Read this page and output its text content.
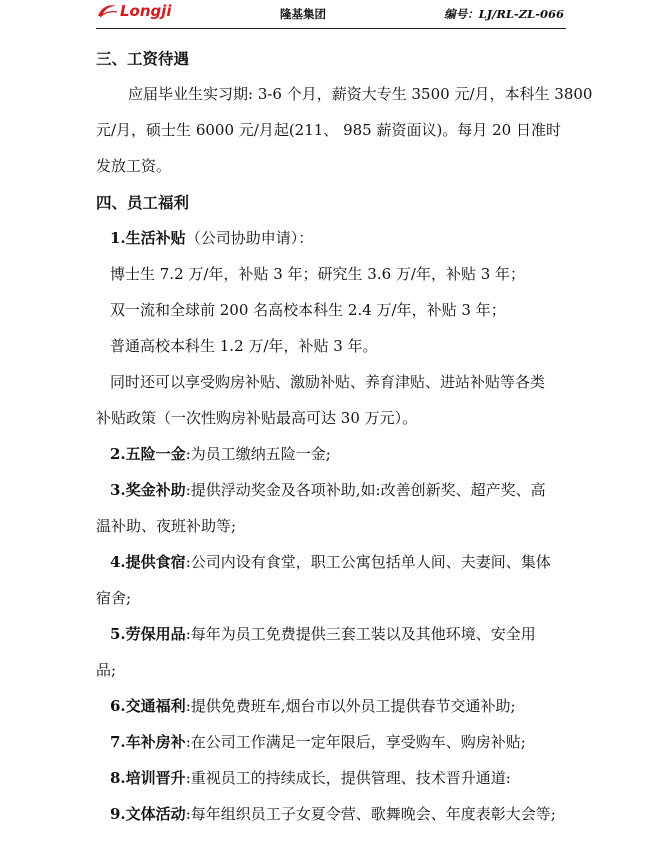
Longji	隆基集团	编号：LJ/RL-ZL-066
三、工资待遇
应届毕业生实习期: 3-6 个月，薪资大专生 3500 元/月，本科生 3800
元/月，硕士生 6000 元/月起(211、 985 薪资面议)。每月 20 日准时
发放工资。
四、员工福利
1.生活补贴（公司协助申请）：
博士生 7.2 万/年，补贴 3 年；研究生 3.6 万/年，补贴 3 年；
双一流和全球前 200 名高校本科生 2.4 万/年，补贴 3 年；
普通高校本科生 1.2 万/年，补贴 3 年。
同时还可以享受购房补贴、激励补贴、养育津贴、进站补贴等各类
补贴政策（一次性购房补贴最高可达 30 万元）。
2.五险一金:为员工缴纳五险一金;
3.奖金补助:提供浮动奖金及各项补助,如:改善创新奖、超产奖、高
温补助、夜班补助等;
4.提供食宿:公司内设有食堂，职工公寓包括单人间、夫妻间、集体
宿舍;
5.劳保用品:每年为员工免费提供三套工装以及其他环境、安全用
品;
6.交通福利:提供免费班车,烟台市以外员工提供春节交通补助;
7.车补房补:在公司工作满足一定年限后，享受购车、购房补贴;
8.培训晋升:重视员工的持续成长，提供管理、技术晋升通道:
9.文体活动:每年组织员工子女夏令营、歌舞晚会、年度表彰大会等;
